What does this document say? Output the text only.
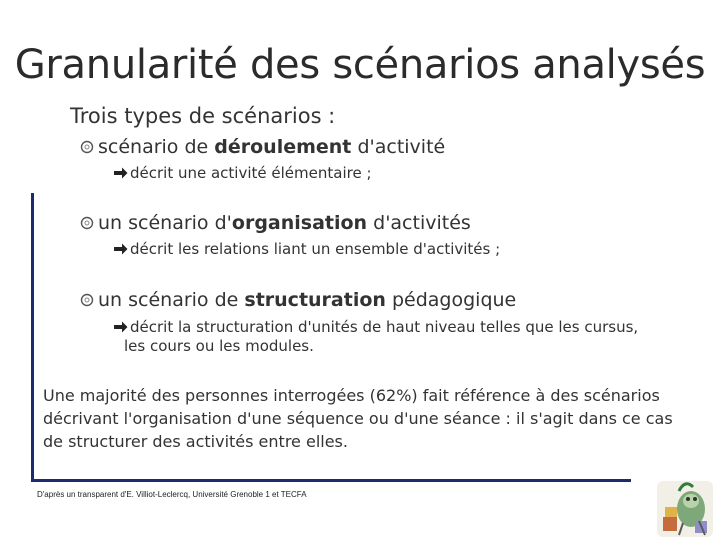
Granularité des scénarios analysés
Trois types de scénarios :
scénario de déroulement d'activité
décrit une activité élémentaire ;
un scénario d'organisation d'activités
décrit les relations liant un ensemble d'activités ;
un scénario de structuration pédagogique
décrit la structuration d'unités de haut niveau telles que les cursus,
les cours ou les modules.
Une majorité des personnes interrogées (62%) fait référence à des scénarios
décrivant l'organisation d'une séquence ou d'une séance : il s'agit dans ce cas
de structurer des activités entre elles.
D'après un transparent d'E. Villiot-Leclercq, Université Grenoble 1 et TECFA
